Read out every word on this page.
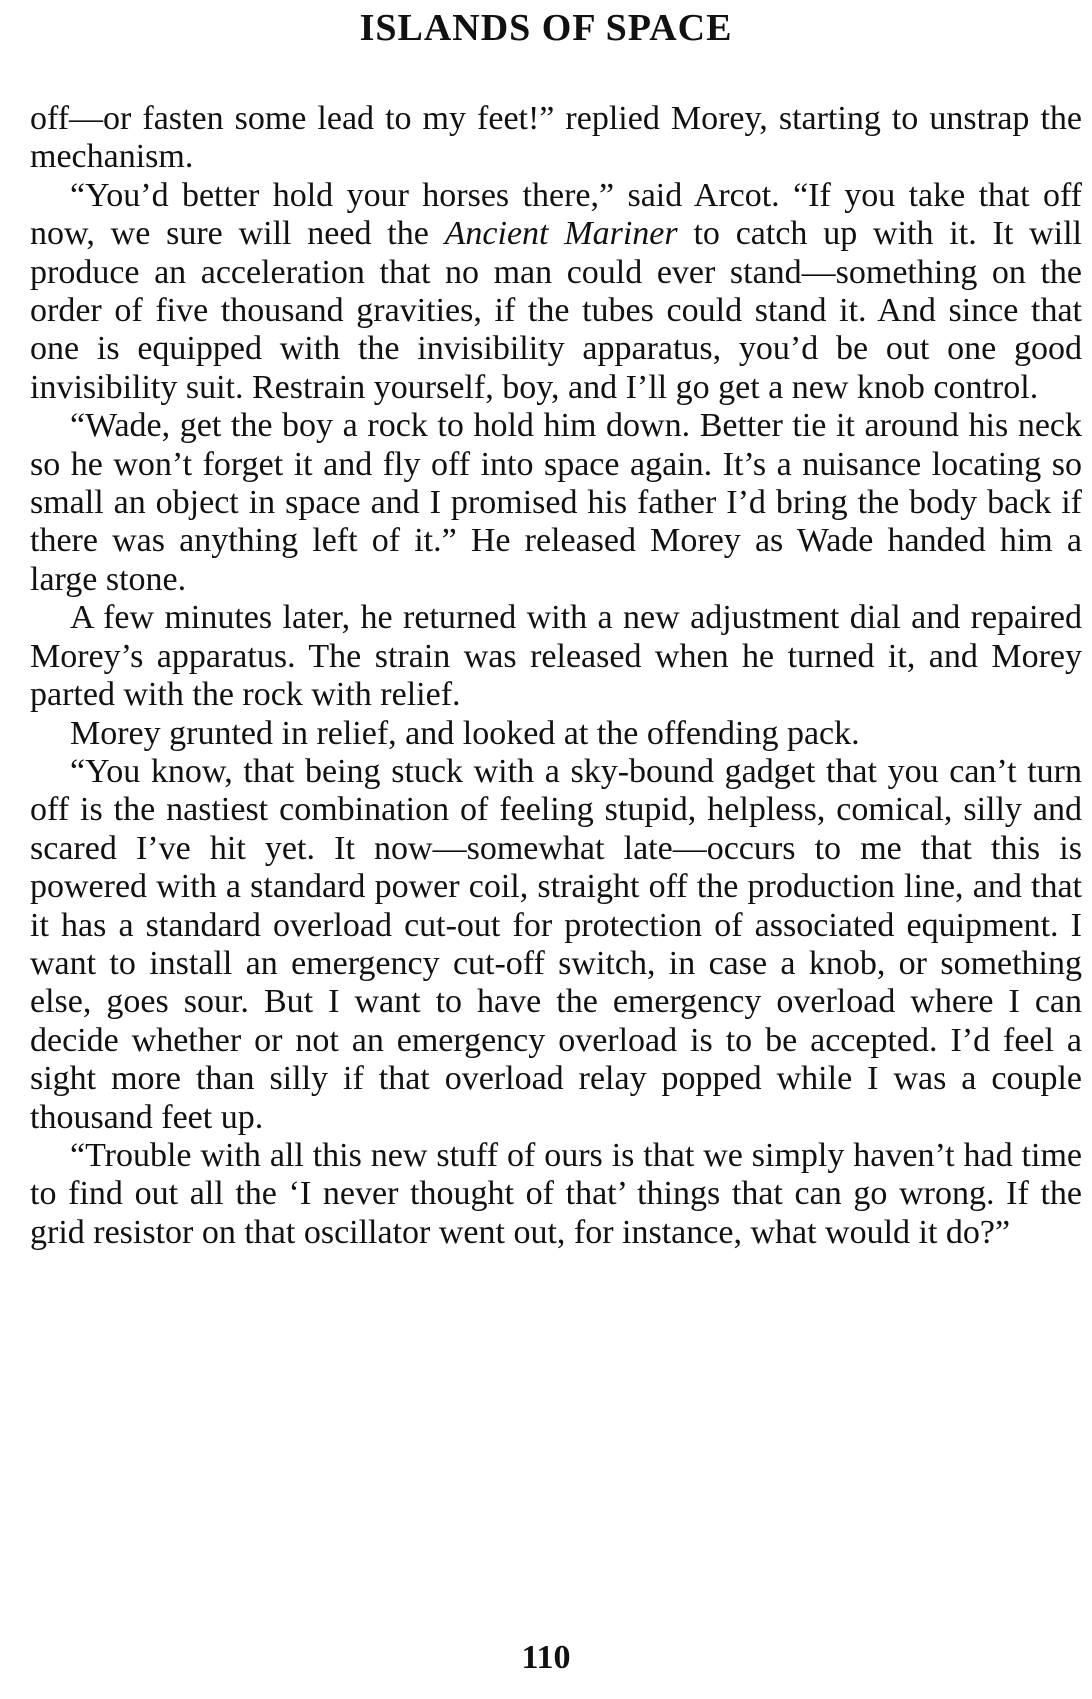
ISLANDS OF SPACE

off—or fasten some lead to my feet!” replied Morey, starting to unstrap the mechanism.

“You’d better hold your horses there,” said Arcot. “If you take that off now, we sure will need the Ancient Mariner to catch up with it. It will produce an acceleration that no man could ever stand—something on the order of five thousand gravities, if the tubes could stand it. And since that one is equipped with the invisibility apparatus, you’d be out one good invisibility suit. Restrain yourself, boy, and I’ll go get a new knob control.

“Wade, get the boy a rock to hold him down. Better tie it around his neck so he won’t forget it and fly off into space again. It’s a nuisance locating so small an object in space and I promised his father I’d bring the body back if there was anything left of it.” He released Morey as Wade handed him a large stone.

A few minutes later, he returned with a new adjustment dial and repaired Morey’s apparatus. The strain was released when he turned it, and Morey parted with the rock with relief.

Morey grunted in relief, and looked at the offending pack.

“You know, that being stuck with a sky-bound gadget that you can’t turn off is the nastiest combination of feeling stupid, helpless, comical, silly and scared I’ve hit yet. It now—somewhat late—occurs to me that this is powered with a standard power coil, straight off the production line, and that it has a standard overload cut-out for protection of associated equipment. I want to install an emergency cut-off switch, in case a knob, or something else, goes sour. But I want to have the emergency overload where I can decide whether or not an emergency overload is to be accepted. I’d feel a sight more than silly if that overload relay popped while I was a couple thousand feet up.

“Trouble with all this new stuff of ours is that we simply haven’t had time to find out all the ‘I never thought of that’ things that can go wrong. If the grid resistor on that oscillator went out, for instance, what would it do?”

110
